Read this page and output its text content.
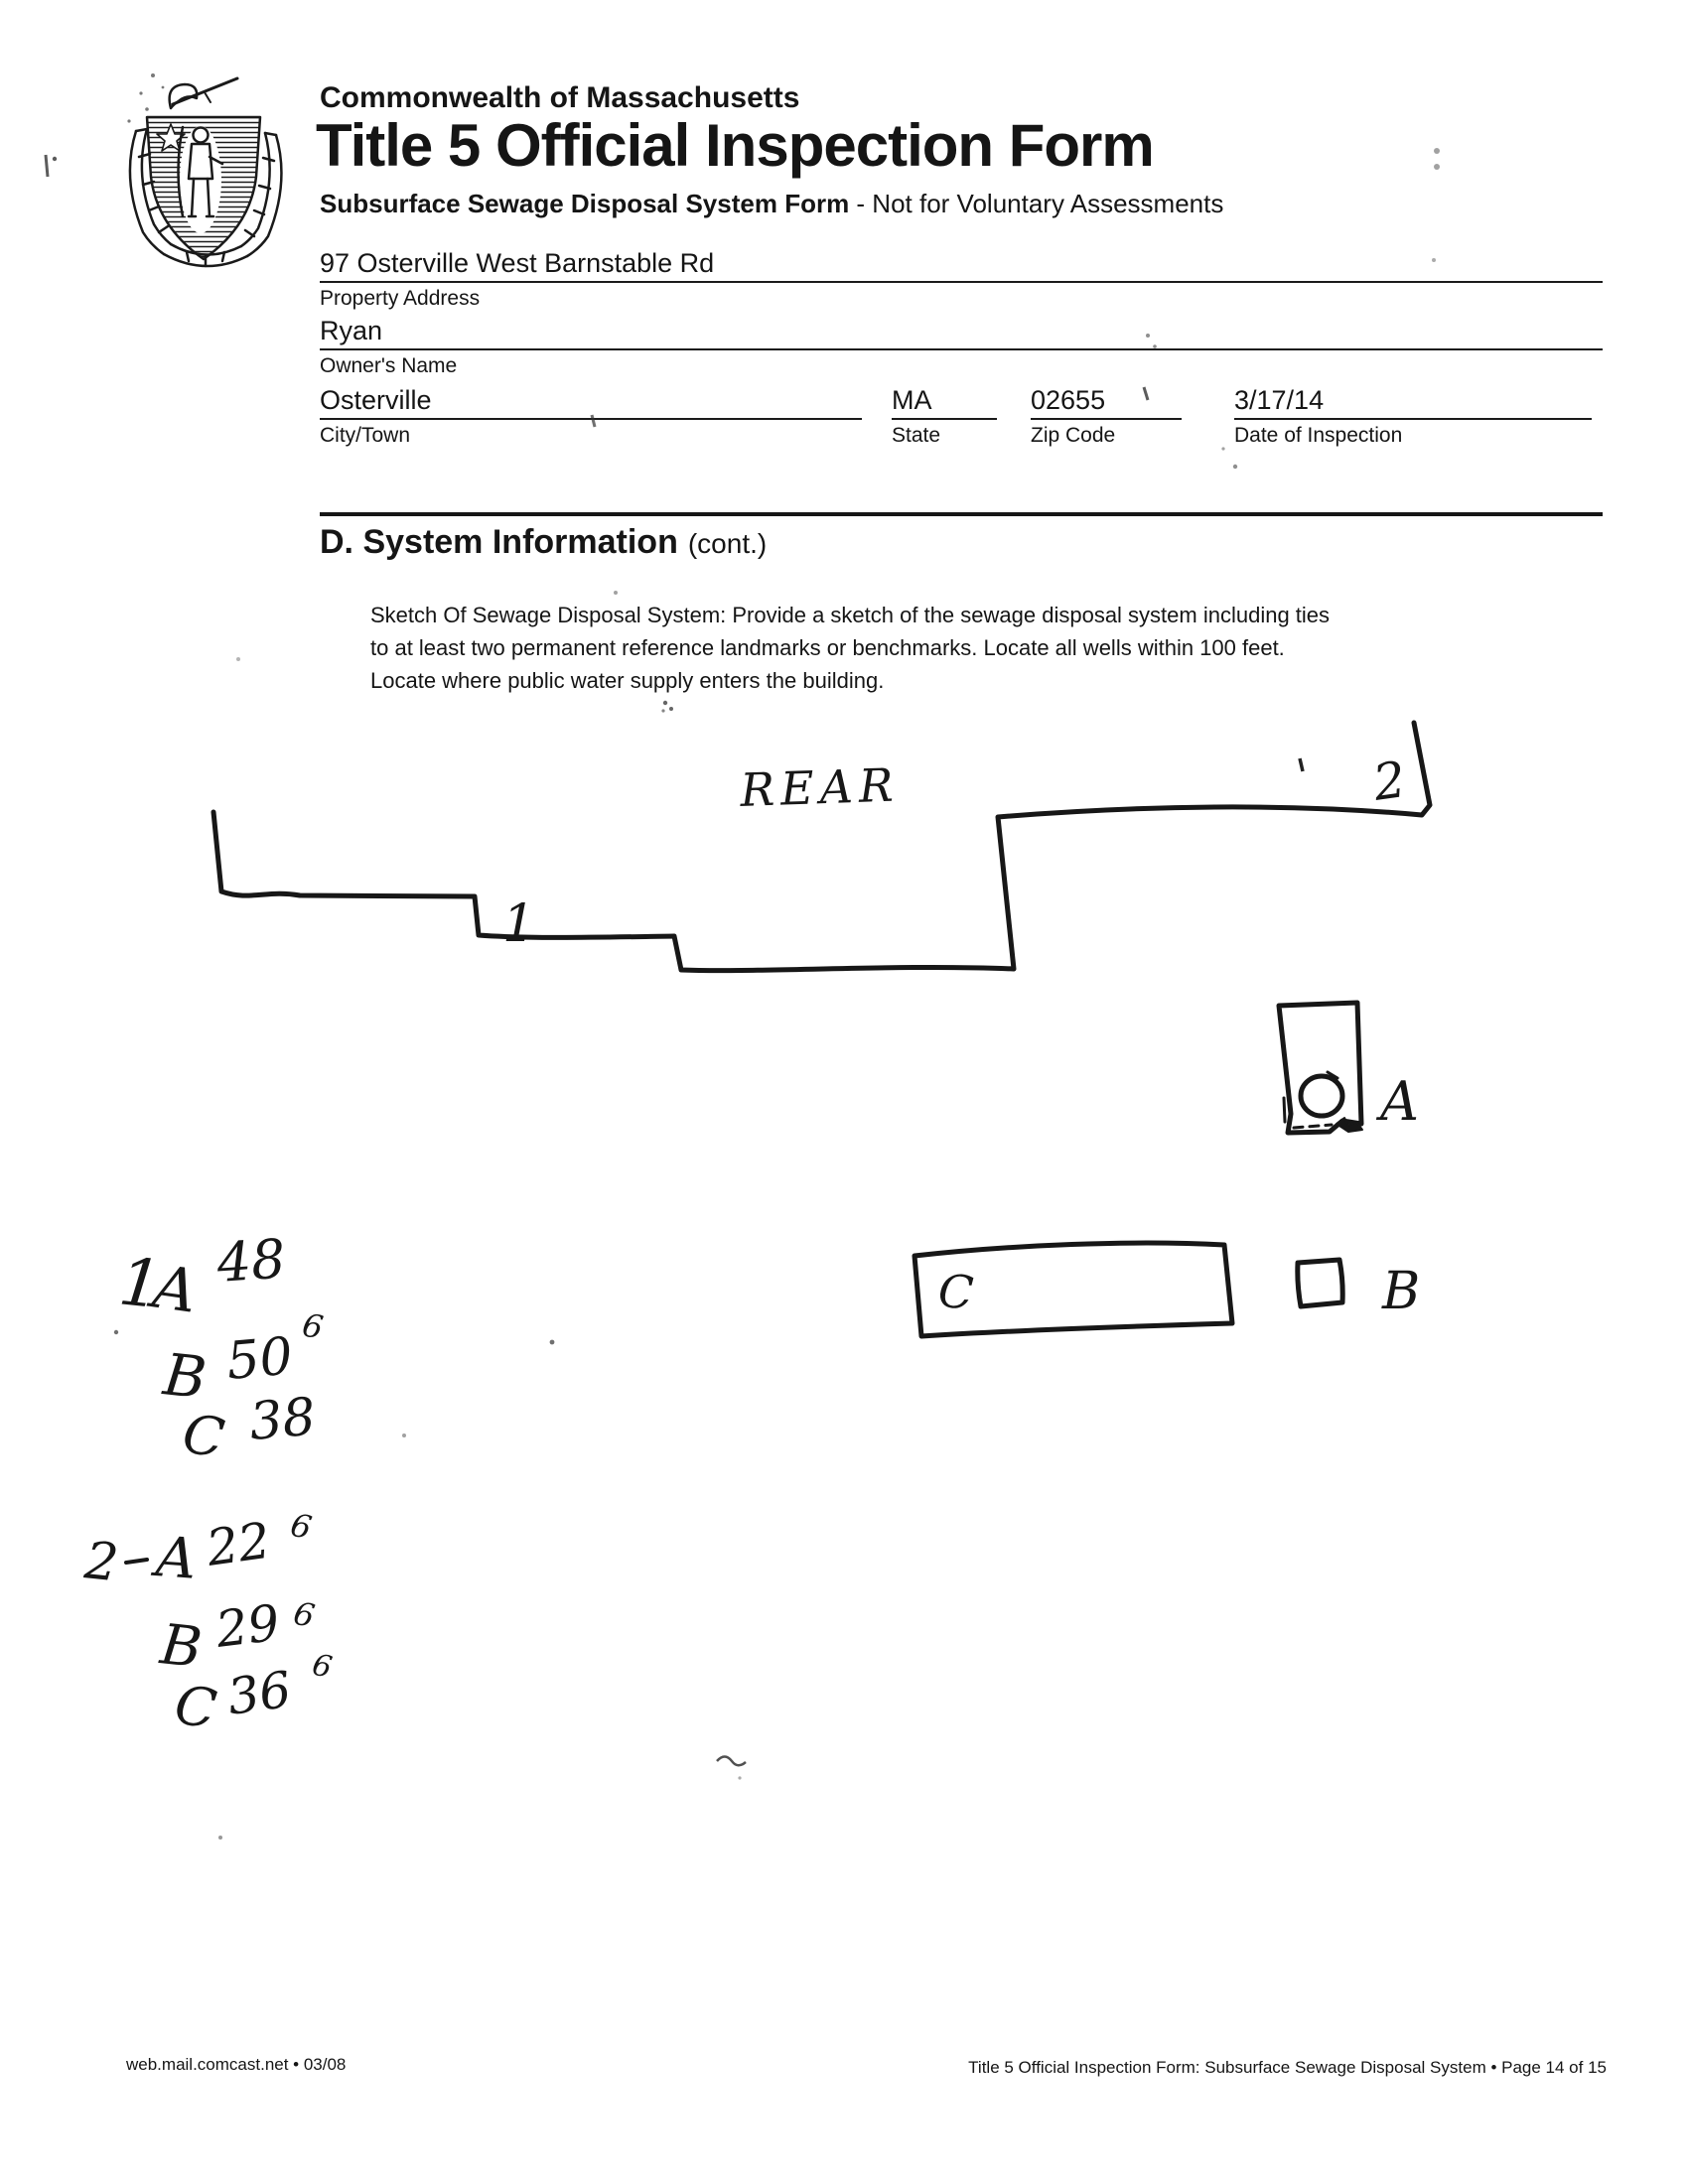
Commonwealth of Massachusetts
Title 5 Official Inspection Form
Subsurface Sewage Disposal System Form - Not for Voluntary Assessments
97 Osterville West Barnstable Rd
Property Address
Ryan
Owner's Name
Osterville
City/Town
MA
State
02655
Zip Code
3/17/14
Date of Inspection
D. System Information (cont.)
Sketch Of Sewage Disposal System: Provide a sketch of the sewage disposal system including ties
to at least two permanent reference landmarks or benchmarks. Locate all wells within 100 feet.
Locate where public water supply enters the building.
REAR
1
2
A
B
C
1
A 48
B 50
6
C 38
2 A 22 6
B 29 6
C 36 6
web.mail.comcast.net • 03/08	Title 5 Official Inspection Form: Subsurface Sewage Disposal System • Page 14 of 15
